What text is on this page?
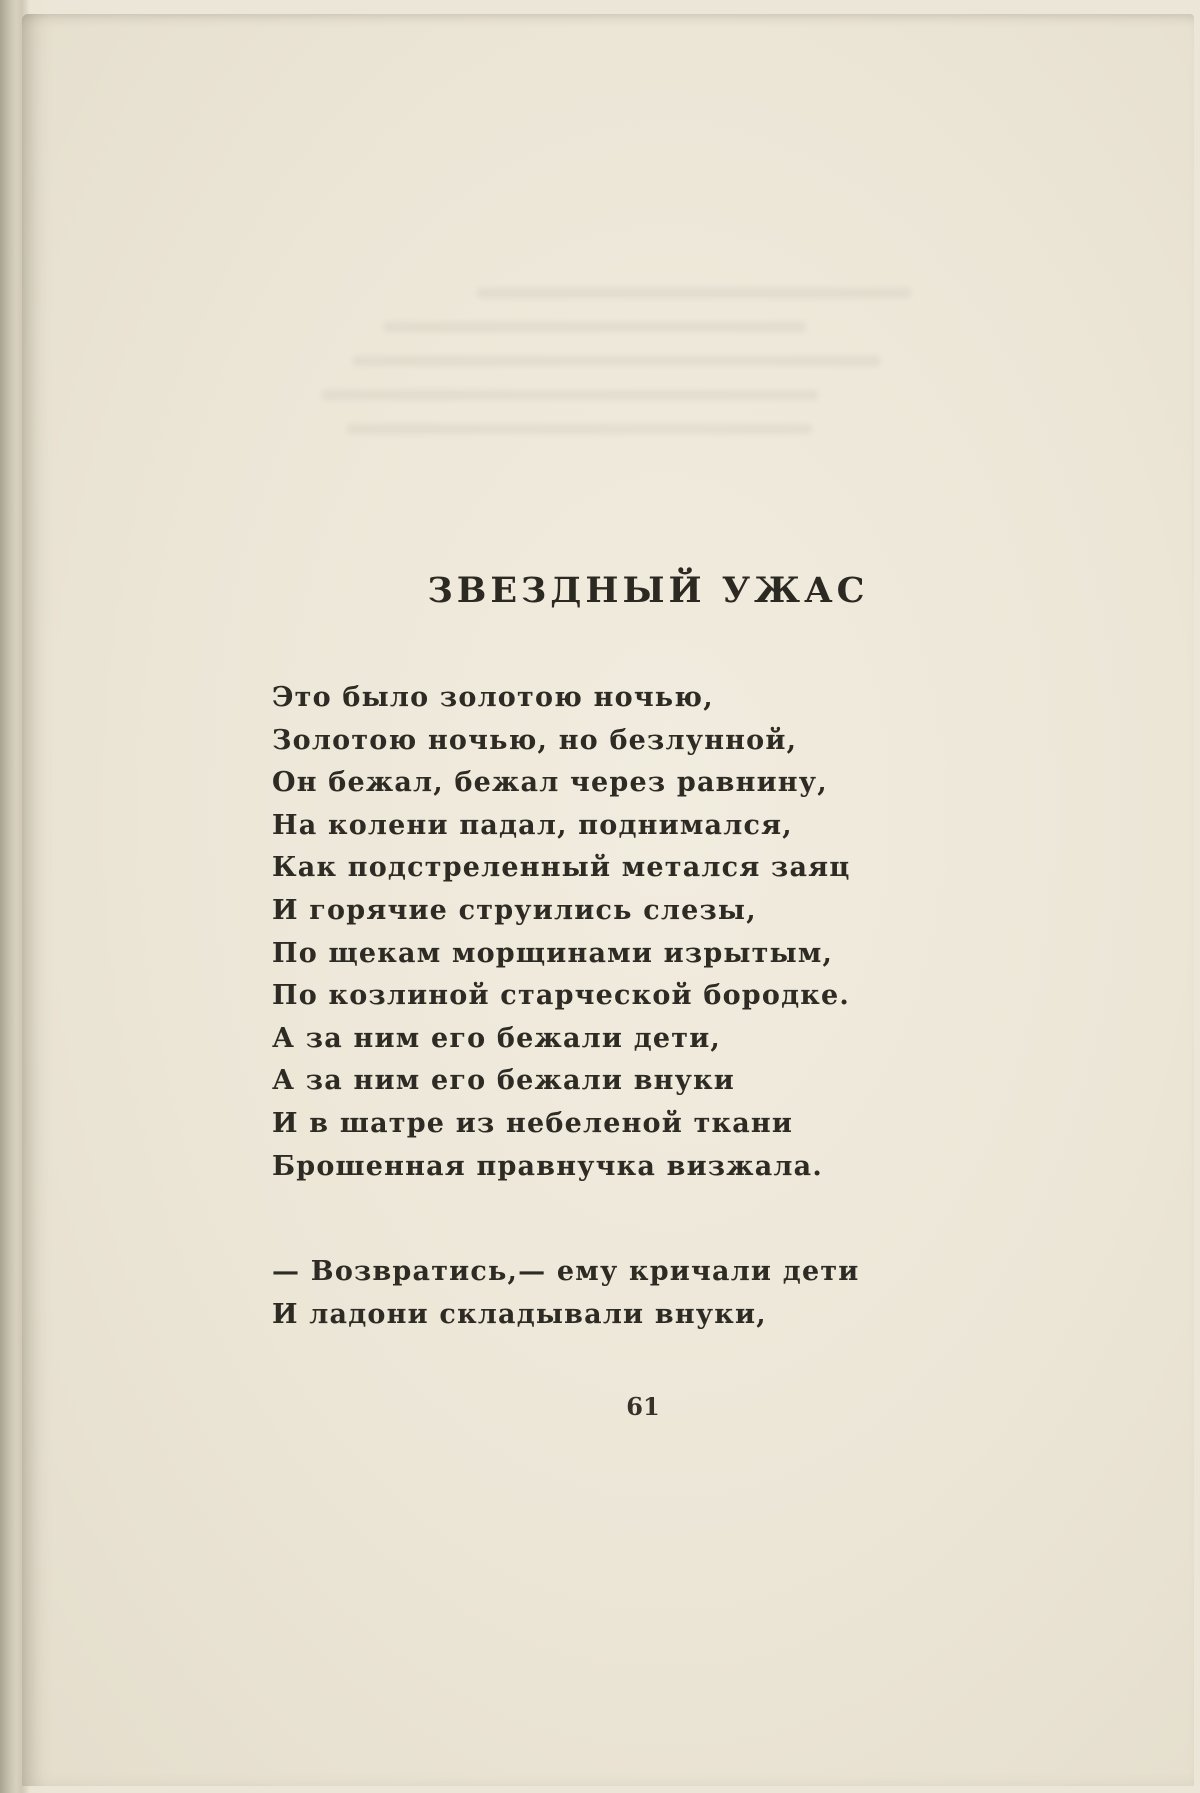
ЗВЕЗДНЫЙ УЖАС
Это было золотою ночью,
Золотою ночью, но безлунной,
Он бежал, бежал через равнину,
На колени падал, поднимался,
Как подстреленный метался заяц
И горячие струились слезы,
По щекам морщинами изрытым,
По козлиной старческой бородке.
А за ним его бежали дети,
А за ним его бежали внуки
И в шатре из небеленой ткани
Брошенная правнучка визжала.
— Возвратись,— ему кричали дети
И ладони складывали внуки,
61
